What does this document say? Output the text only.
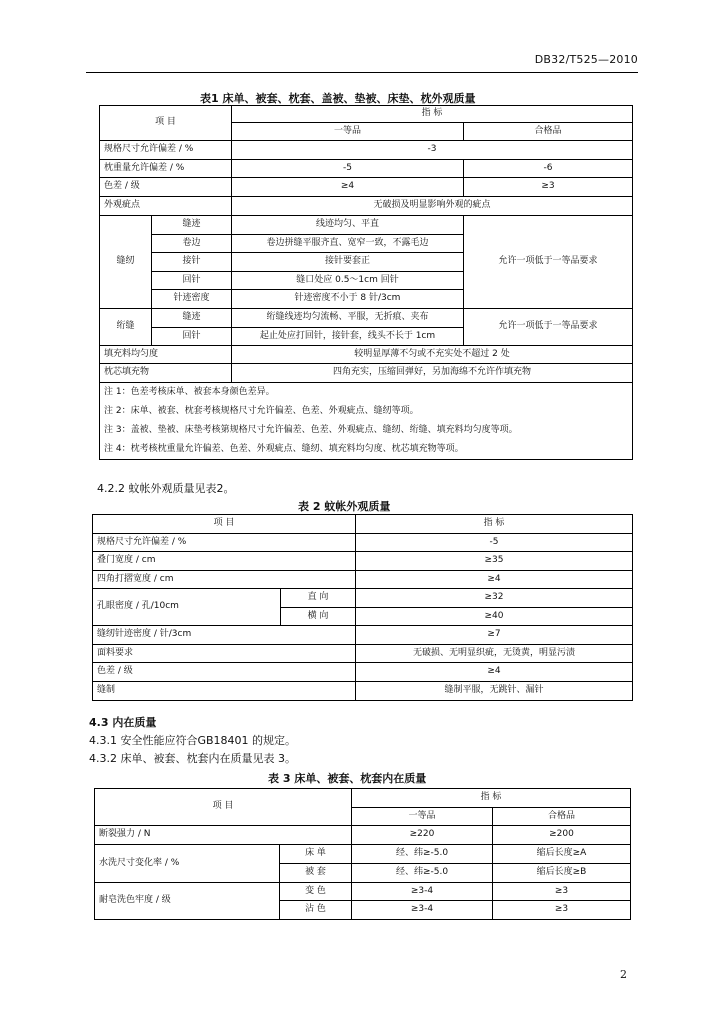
DB32/T525—2010
表1 床单、被套、枕套、盖被、垫被、床垫、枕外观质量
项 目		指 标	
		一等品	合格品
规格尺寸允许偏差 / %		-3	
枕重量允许偏差 / %		-5	-6
色差 / 级		≥4	≥3
外观疵点		无破损及明显影响外观的疵点	
缝纫	缝迹	线迹均匀、平直	允许一项低于一等品要求
	卷边	卷边拼缝平服齐直、宽窄一致，不露毛边	
	接针	接针要套正	
	回针	缝口处应 0.5～1cm 回针	
	针迹密度	针迹密度不小于 8 针/3cm	
绗缝	缝迹	绗缝线迹均匀流畅、平服，无折痕、夹布	允许一项低于一等品要求
	回针	起止处应打回针，接针套，线头不长于 1cm	
填充料均匀度		较明显厚薄不匀或不充实处不超过 2 处	
枕芯填充物		四角充实，压缩回弹好，另加海绵不允许作填充物	

注 1：色差考核床单、被套本身颜色差异。
注 2：床单、被套、枕套考核规格尺寸允许偏差、色差、外观疵点、缝纫等项。
注 3：盖被、垫被、床垫考核第规格尺寸允许偏差、色差、外观疵点、缝纫、绗缝、填充料均匀度等项。
注 4：枕考核枕重量允许偏差、色差、外观疵点、缝纫、填充料均匀度、枕芯填充物等项。			
4.2.2 蚊帐外观质量见表2。
表 2 蚊帐外观质量
项 目		指 标
规格尺寸允许偏差 / %		-5
叠门宽度 / cm		≥35
四角打摺宽度 / cm		≥4
孔眼密度 / 孔/10cm	直 向	≥32
	横 向	≥40
缝纫针迹密度 / 针/3cm		≥7
面料要求		无破损、无明显织疵，无烫黄，明显污渍
色差 / 级		≥4
缝制		缝制平服，无跳针、漏针
4.3 内在质量
4.3.1 安全性能应符合GB18401 的规定。
4.3.2 床单、被套、枕套内在质量见表 3。
表 3 床单、被套、枕套内在质量
项 目		指 标	
		一等品	合格品
断裂强力 / N		≥220	≥200
水洗尺寸变化率 / %	床 单	经、纬≥-5.0	缩后长度≥A
	被 套	经、纬≥-5.0	缩后长度≥B
耐皂洗色牢度 / 级	变 色	≥3-4	≥3
	沾 色	≥3-4	≥3
2
